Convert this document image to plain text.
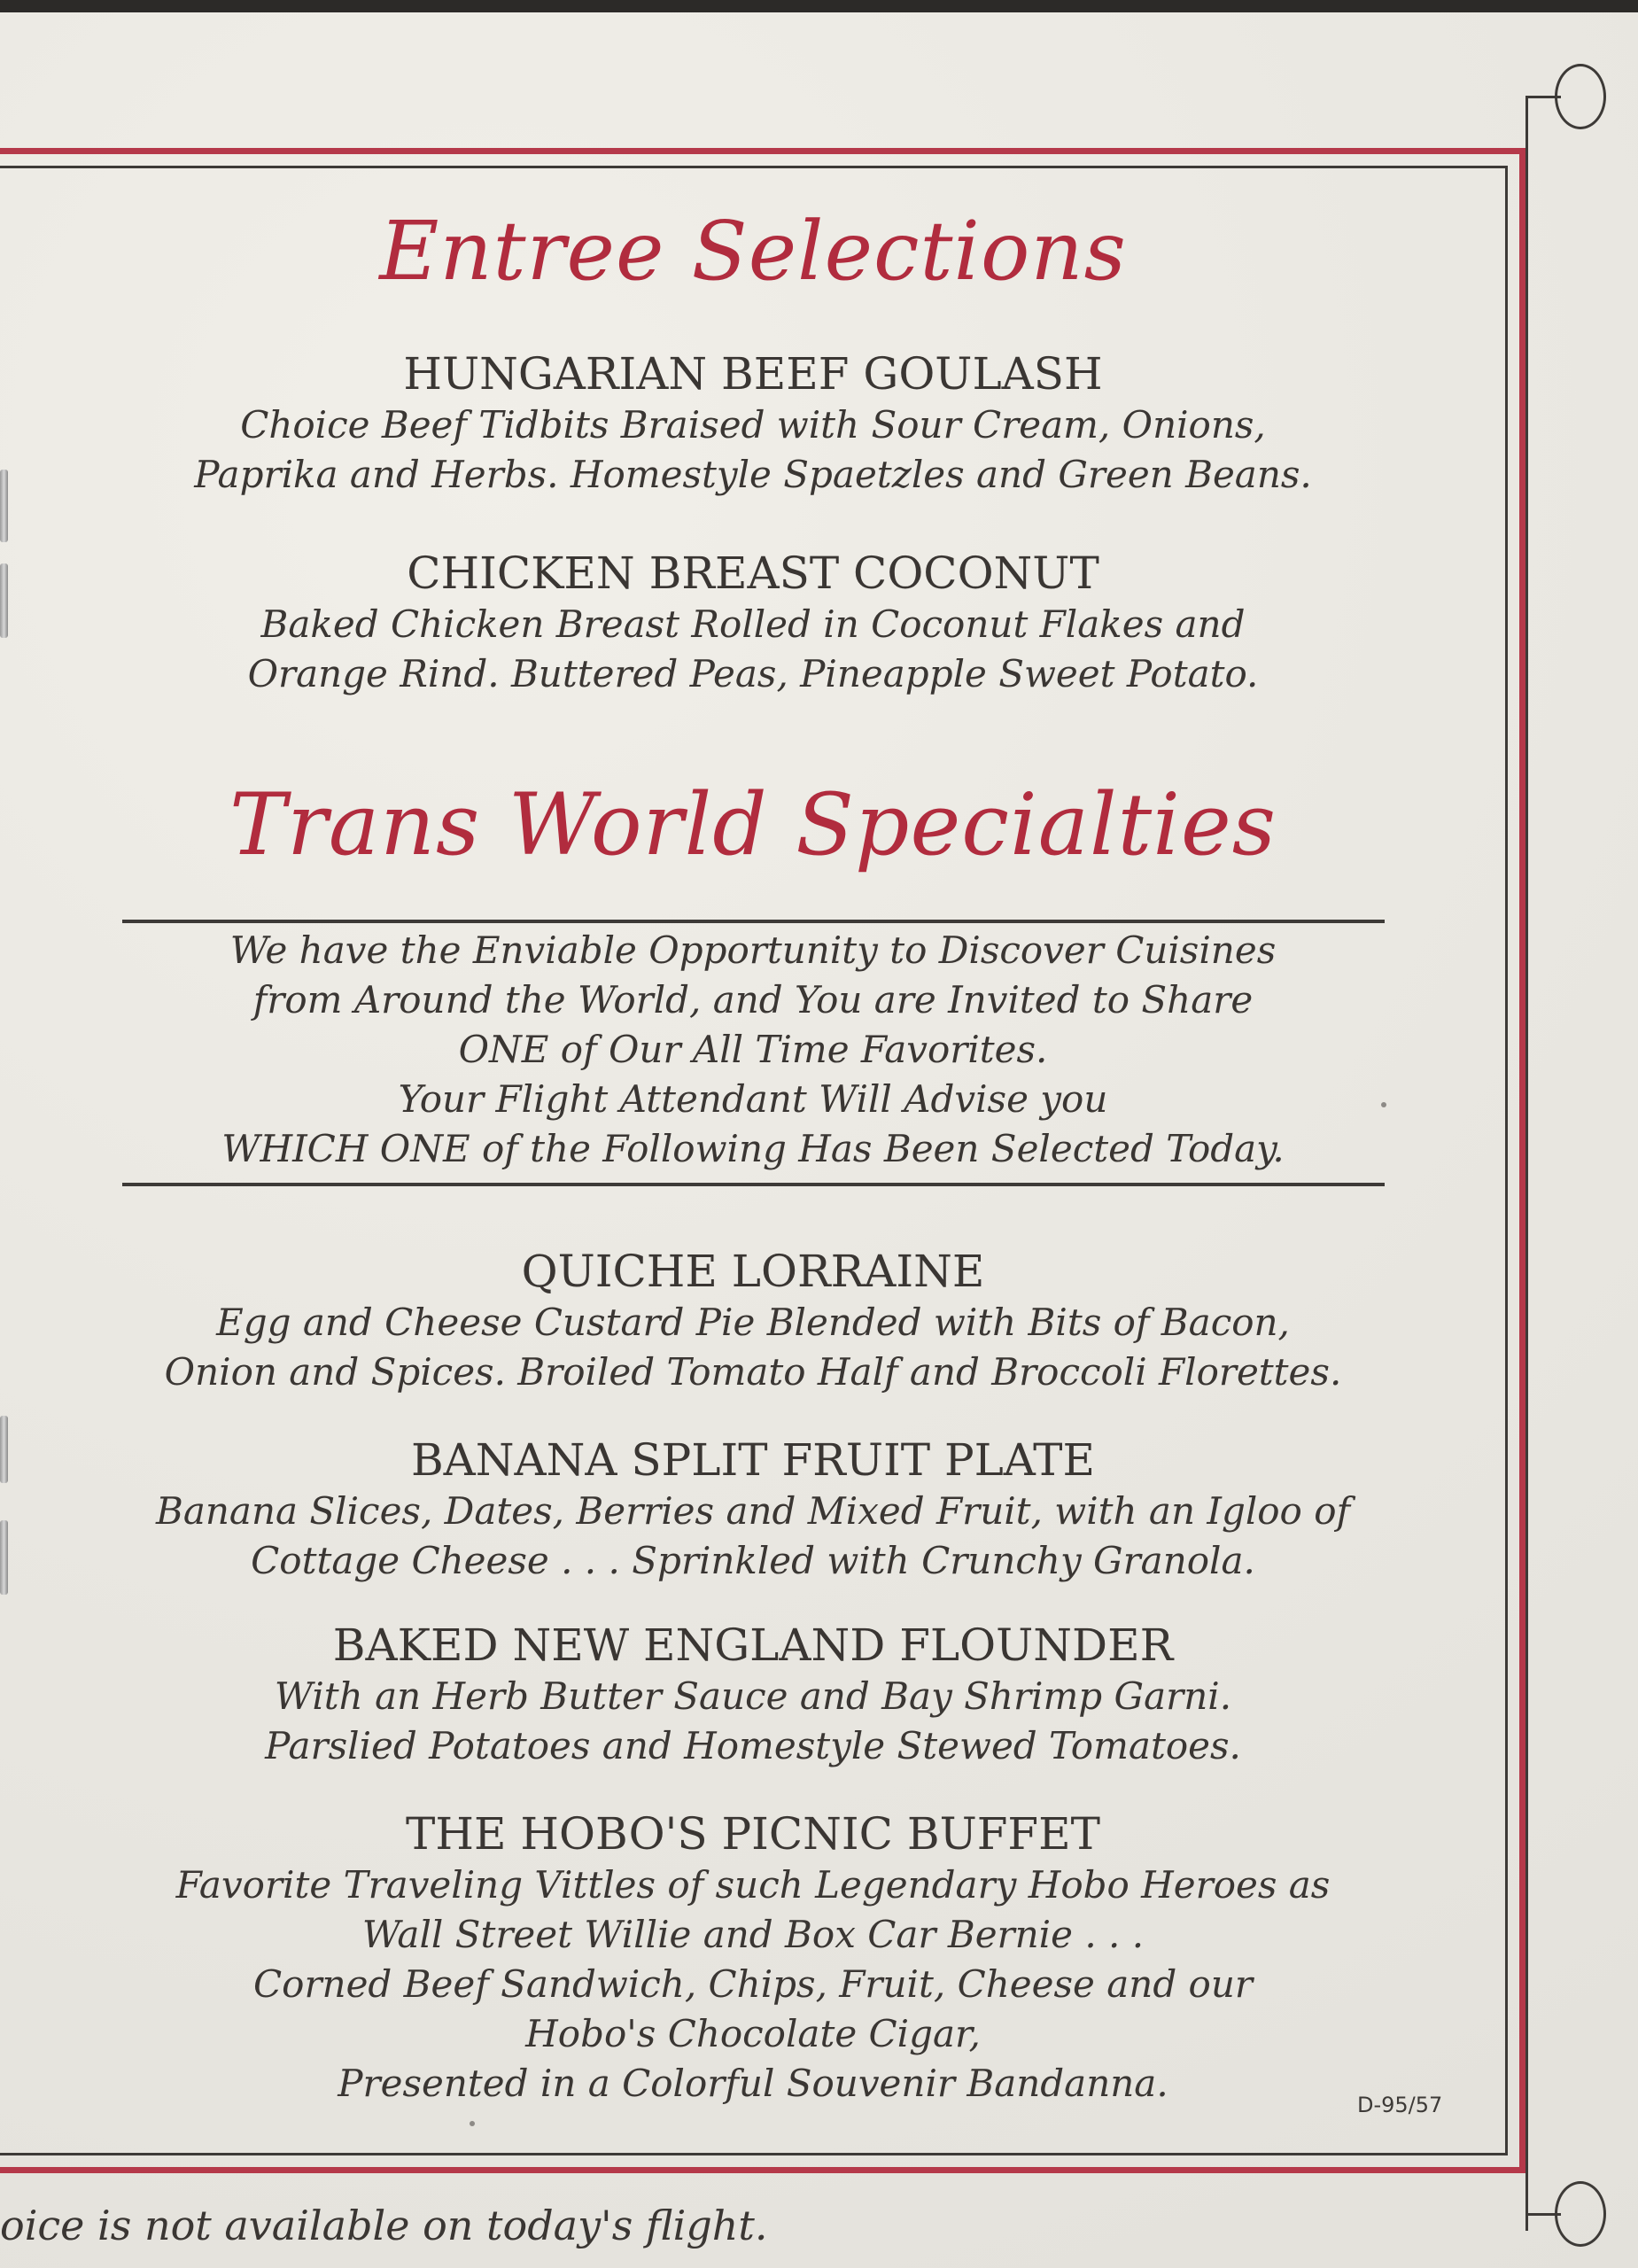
Entree Selections
HUNGARIAN BEEF GOULASH
Choice Beef Tidbits Braised with Sour Cream, Onions,
Paprika and Herbs. Homestyle Spaetzles and Green Beans.
CHICKEN BREAST COCONUT
Baked Chicken Breast Rolled in Coconut Flakes and
Orange Rind. Buttered Peas, Pineapple Sweet Potato.
Trans World Specialties
We have the Enviable Opportunity to Discover Cuisines
from Around the World, and You are Invited to Share
ONE of Our All Time Favorites.
Your Flight Attendant Will Advise you
WHICH ONE of the Following Has Been Selected Today.
QUICHE LORRAINE
Egg and Cheese Custard Pie Blended with Bits of Bacon,
Onion and Spices. Broiled Tomato Half and Broccoli Florettes.
BANANA SPLIT FRUIT PLATE
Banana Slices, Dates, Berries and Mixed Fruit, with an Igloo of
Cottage Cheese . . . Sprinkled with Crunchy Granola.
BAKED NEW ENGLAND FLOUNDER
With an Herb Butter Sauce and Bay Shrimp Garni.
Parslied Potatoes and Homestyle Stewed Tomatoes.
THE HOBO'S PICNIC BUFFET
Favorite Traveling Vittles of such Legendary Hobo Heroes as
Wall Street Willie and Box Car Bernie . . .
Corned Beef Sandwich, Chips, Fruit, Cheese and our
Hobo's Chocolate Cigar,
Presented in a Colorful Souvenir Bandanna.	D-95/57
oice is not available on today's flight.
